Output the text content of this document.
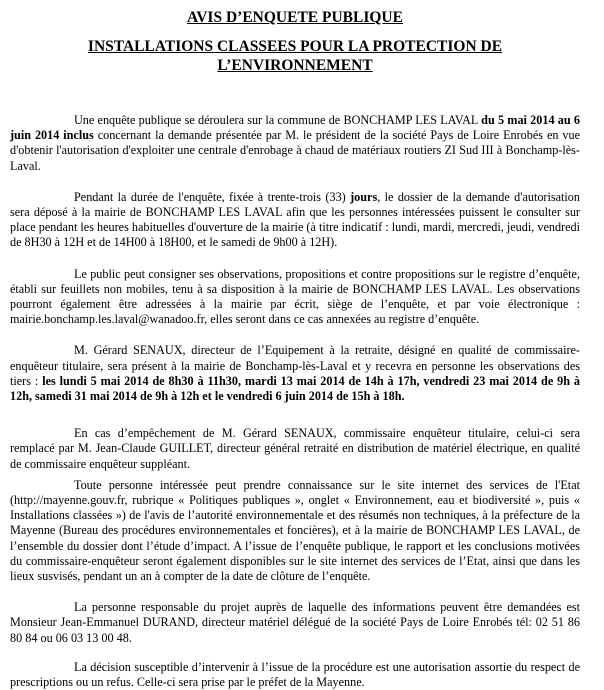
AVIS D’ENQUETE PUBLIQUE
INSTALLATIONS CLASSEES POUR LA PROTECTION DE L’ENVIRONNEMENT

Une enquête publique se déroulera sur la commune de BONCHAMP LES LAVAL du 5 mai 2014 au 6 juin 2014 inclus concernant la demande présentée par M. le président de la société Pays de Loire Enrobés en vue d'obtenir l'autorisation d'exploiter une centrale d'enrobage à chaud de matériaux routiers ZI Sud III à Bonchamp-lès-Laval.

Pendant la durée de l'enquête, fixée à trente-trois (33) jours, le dossier de la demande d'autorisation sera déposé à la mairie de BONCHAMP LES LAVAL afin que les personnes intéressées puissent le consulter sur place pendant les heures habituelles d'ouverture de la mairie (à titre indicatif : lundi, mardi, mercredi, jeudi, vendredi de 8H30 à 12H et de 14H00 à 18H00, et le samedi de 9h00 à 12H).

Le public peut consigner ses observations, propositions et contre propositions sur le registre d’enquête, établi sur feuillets non mobiles, tenu à sa disposition à la mairie de BONCHAMP LES LAVAL. Les observations pourront également être adressées à la mairie par écrit, siège de l’enquête, et par voie électronique : mairie.bonchamp.les.laval@wanadoo.fr, elles seront dans ce cas annexées au registre d’enquête.

M. Gérard SENAUX, directeur de l’Equipement à la retraite, désigné en qualité de commissaire-enquêteur titulaire, sera présent à la mairie de Bonchamp-lès-Laval et y recevra en personne les observations des tiers : les lundi 5 mai 2014 de 8h30 à 11h30, mardi 13 mai 2014 de 14h à 17h, vendredi 23 mai 2014 de 9h à 12h, samedi 31 mai 2014 de 9h à 12h et le vendredi 6 juin 2014 de 15h à 18h.

En cas d’empêchement de M. Gérard SENAUX, commissaire enquêteur titulaire, celui-ci sera remplacé par M. Jean-Claude GUILLET, directeur général retraité en distribution de matériel électrique, en qualité de commissaire enquêteur suppléant.

Toute personne intéressée peut prendre connaissance sur le site internet des services de l'Etat (http://mayenne.gouv.fr, rubrique « Politiques publiques », onglet « Environnement, eau et biodiversité », puis « Installations classées ») de l'avis de l’autorité environnementale et des résumés non techniques, à la préfecture de la Mayenne (Bureau des procédures environnementales et foncières), et à la mairie de BONCHAMP LES LAVAL, de l’ensemble du dossier dont l’étude d’impact. A l’issue de l’enquête publique, le rapport et les conclusions motivées du commissaire-enquêteur seront également disponibles sur le site internet des services de l’Etat, ainsi que dans les lieux susvisés, pendant un an à compter de la date de clôture de l’enquête.

La personne responsable du projet auprès de laquelle des informations peuvent être demandées est Monsieur Jean-Emmanuel DURAND, directeur matériel délégué de la société Pays de Loire Enrobés tél: 02 51 86 80 84 ou 06 03 13 00 48.

La décision susceptible d’intervenir à l’issue de la procédure est une autorisation assortie du respect de prescriptions ou un refus. Celle-ci sera prise par le préfet de la Mayenne.
